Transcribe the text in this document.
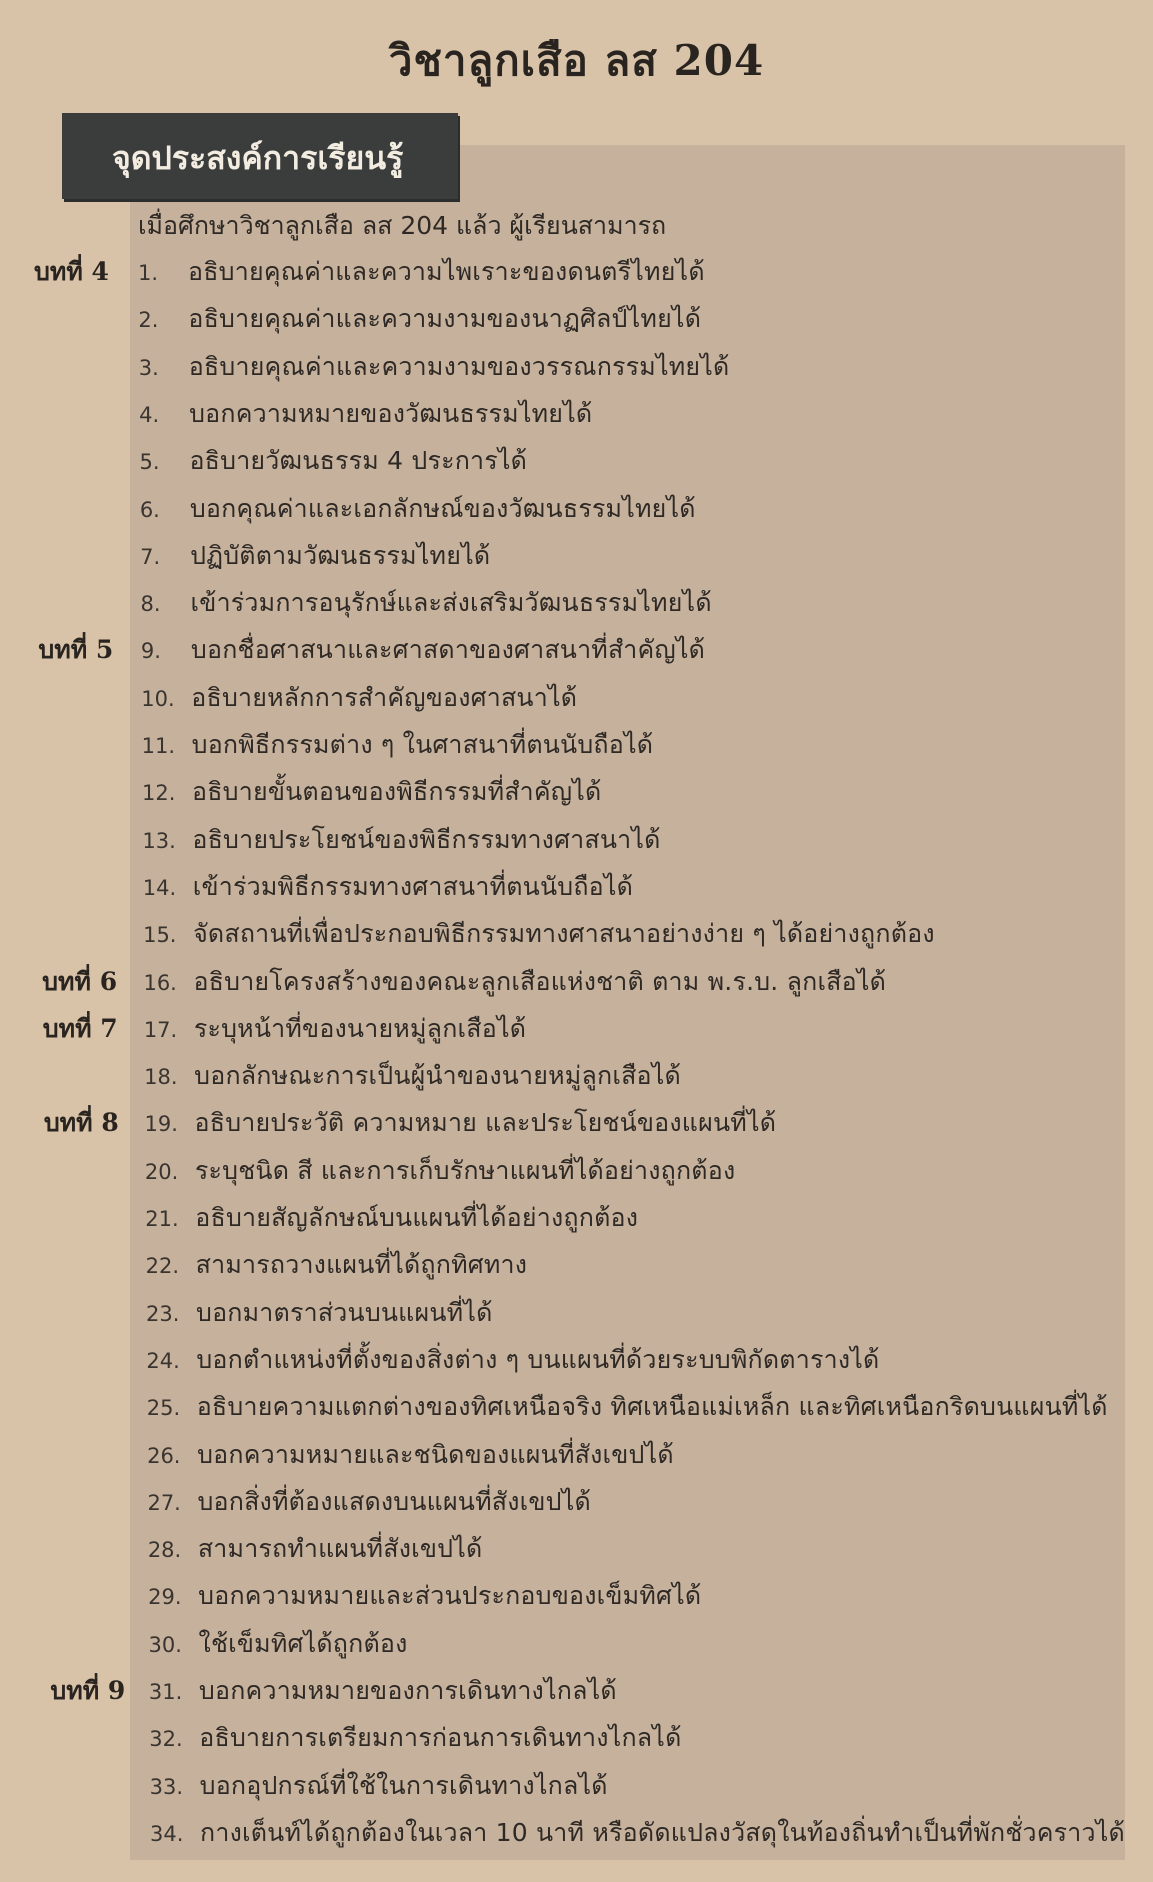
วิชาลูกเสือ ลส 204
จุดประสงค์การเรียนรู้
เมื่อศึกษาวิชาลูกเสือ ลส 204 แล้ว ผู้เรียนสามารถ
1. อธิบายคุณค่าและความไพเราะของดนตรีไทยได้
2. อธิบายคุณค่าและความงามของนาฏศิลป์ไทยได้
3. อธิบายคุณค่าและความงามของวรรณกรรมไทยได้
4. บอกความหมายของวัฒนธรรมไทยได้
5. อธิบายวัฒนธรรม 4 ประการได้
6. บอกคุณค่าและเอกลักษณ์ของวัฒนธรรมไทยได้
7. ปฏิบัติตามวัฒนธรรมไทยได้
8. เข้าร่วมการอนุรักษ์และส่งเสริมวัฒนธรรมไทยได้
9. บอกชื่อศาสนาและศาสดาของศาสนาที่สำคัญได้
10. อธิบายหลักการสำคัญของศาสนาได้
11. บอกพิธีกรรมต่าง ๆ ในศาสนาที่ตนนับถือได้
12. อธิบายขั้นตอนของพิธีกรรมที่สำคัญได้
13. อธิบายประโยชน์ของพิธีกรรมทางศาสนาได้
14. เข้าร่วมพิธีกรรมทางศาสนาที่ตนนับถือได้
15. จัดสถานที่เพื่อประกอบพิธีกรรมทางศาสนาอย่างง่าย ๆ ได้อย่างถูกต้อง
16. อธิบายโครงสร้างของคณะลูกเสือแห่งชาติ ตาม พ.ร.บ. ลูกเสือได้
17. ระบุหน้าที่ของนายหมู่ลูกเสือได้
18. บอกลักษณะการเป็นผู้นำของนายหมู่ลูกเสือได้
19. อธิบายประวัติ ความหมาย และประโยชน์ของแผนที่ได้
20. ระบุชนิด สี และการเก็บรักษาแผนที่ได้อย่างถูกต้อง
21. อธิบายสัญลักษณ์บนแผนที่ได้อย่างถูกต้อง
22. สามารถวางแผนที่ได้ถูกทิศทาง
23. บอกมาตราส่วนบนแผนที่ได้
24. บอกตำแหน่งที่ตั้งของสิ่งต่าง ๆ บนแผนที่ด้วยระบบพิกัดตารางได้
25. อธิบายความแตกต่างของทิศเหนือจริง ทิศเหนือแม่เหล็ก และทิศเหนือกริดบนแผนที่ได้
26. บอกความหมายและชนิดของแผนที่สังเขปได้
27. บอกสิ่งที่ต้องแสดงบนแผนที่สังเขปได้
28. สามารถทำแผนที่สังเขปได้
29. บอกความหมายและส่วนประกอบของเข็มทิศได้
30. ใช้เข็มทิศได้ถูกต้อง
31. บอกความหมายของการเดินทางไกลได้
32. อธิบายการเตรียมการก่อนการเดินทางไกลได้
33. บอกอุปกรณ์ที่ใช้ในการเดินทางไกลได้
34. กางเต็นท์ได้ถูกต้องในเวลา 10 นาที หรือดัดแปลงวัสดุในท้องถิ่นทำเป็นที่พักชั่วคราวได้
บทที่ 4
บทที่ 5
บทที่ 6
บทที่ 7
บทที่ 8
บทที่ 9
